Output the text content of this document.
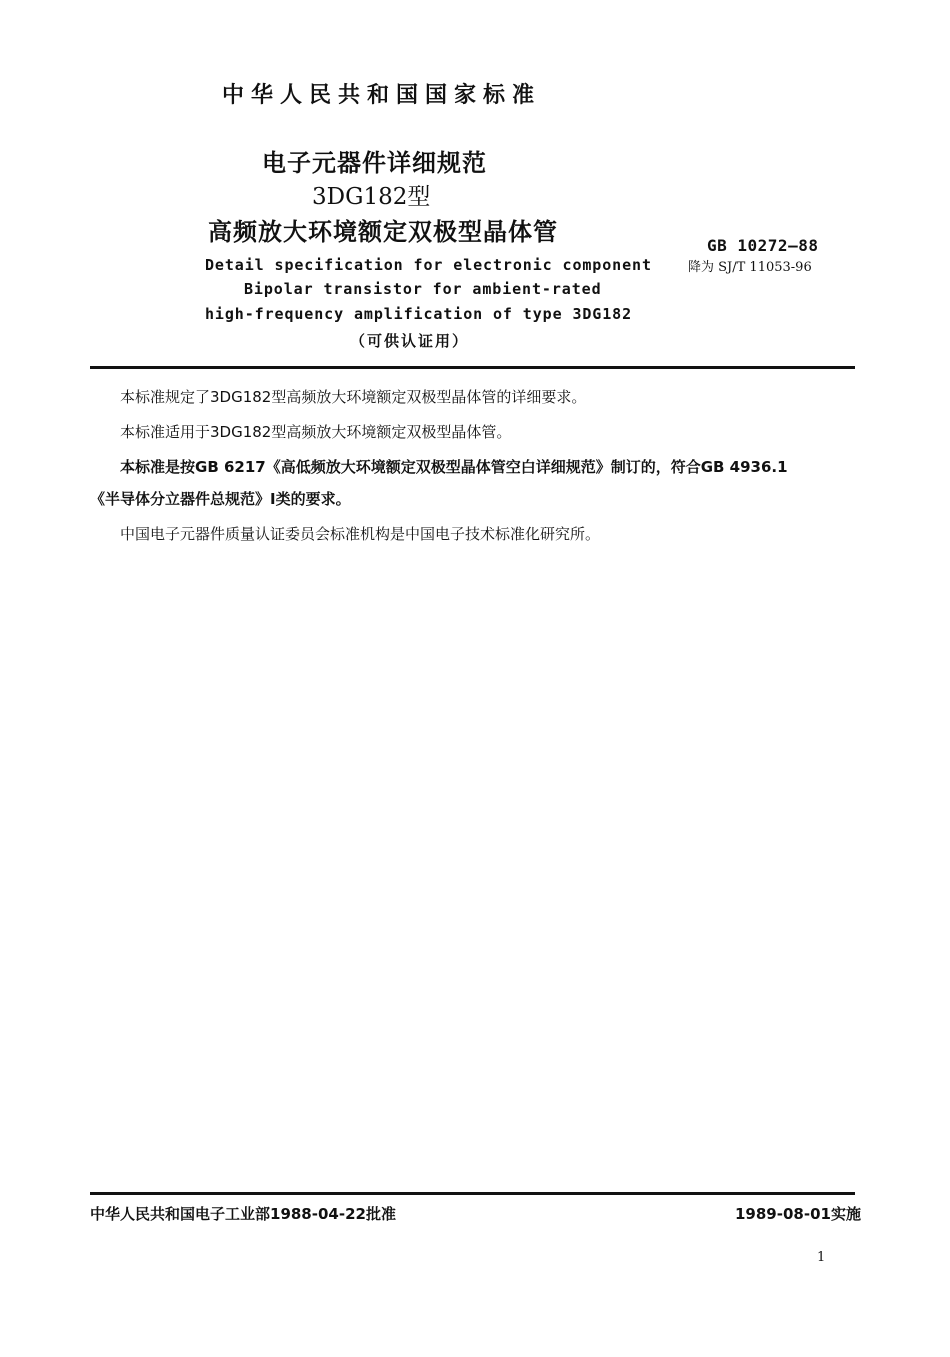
中华人民共和国国家标准
电子元器件详细规范
3DG182型
高频放大环境额定双极型晶体管
Detail specification for electronic component
Bipolar transistor for ambient-rated
high-frequency amplification of type 3DG182
（可供认证用）
GB 10272—88
降为 SJ/T 11053-96
本标准规定了3DG182型高频放大环境额定双极型晶体管的详细要求。
本标准适用于3DG182型高频放大环境额定双极型晶体管。
本标准是按GB 6217《高低频放大环境额定双极型晶体管空白详细规范》制订的，符合GB 4936.1
《半导体分立器件总规范》Ⅰ类的要求。
中国电子元器件质量认证委员会标准机构是中国电子技术标准化研究所。
中华人民共和国电子工业部1988-04-22批准	1989-08-01实施
1
